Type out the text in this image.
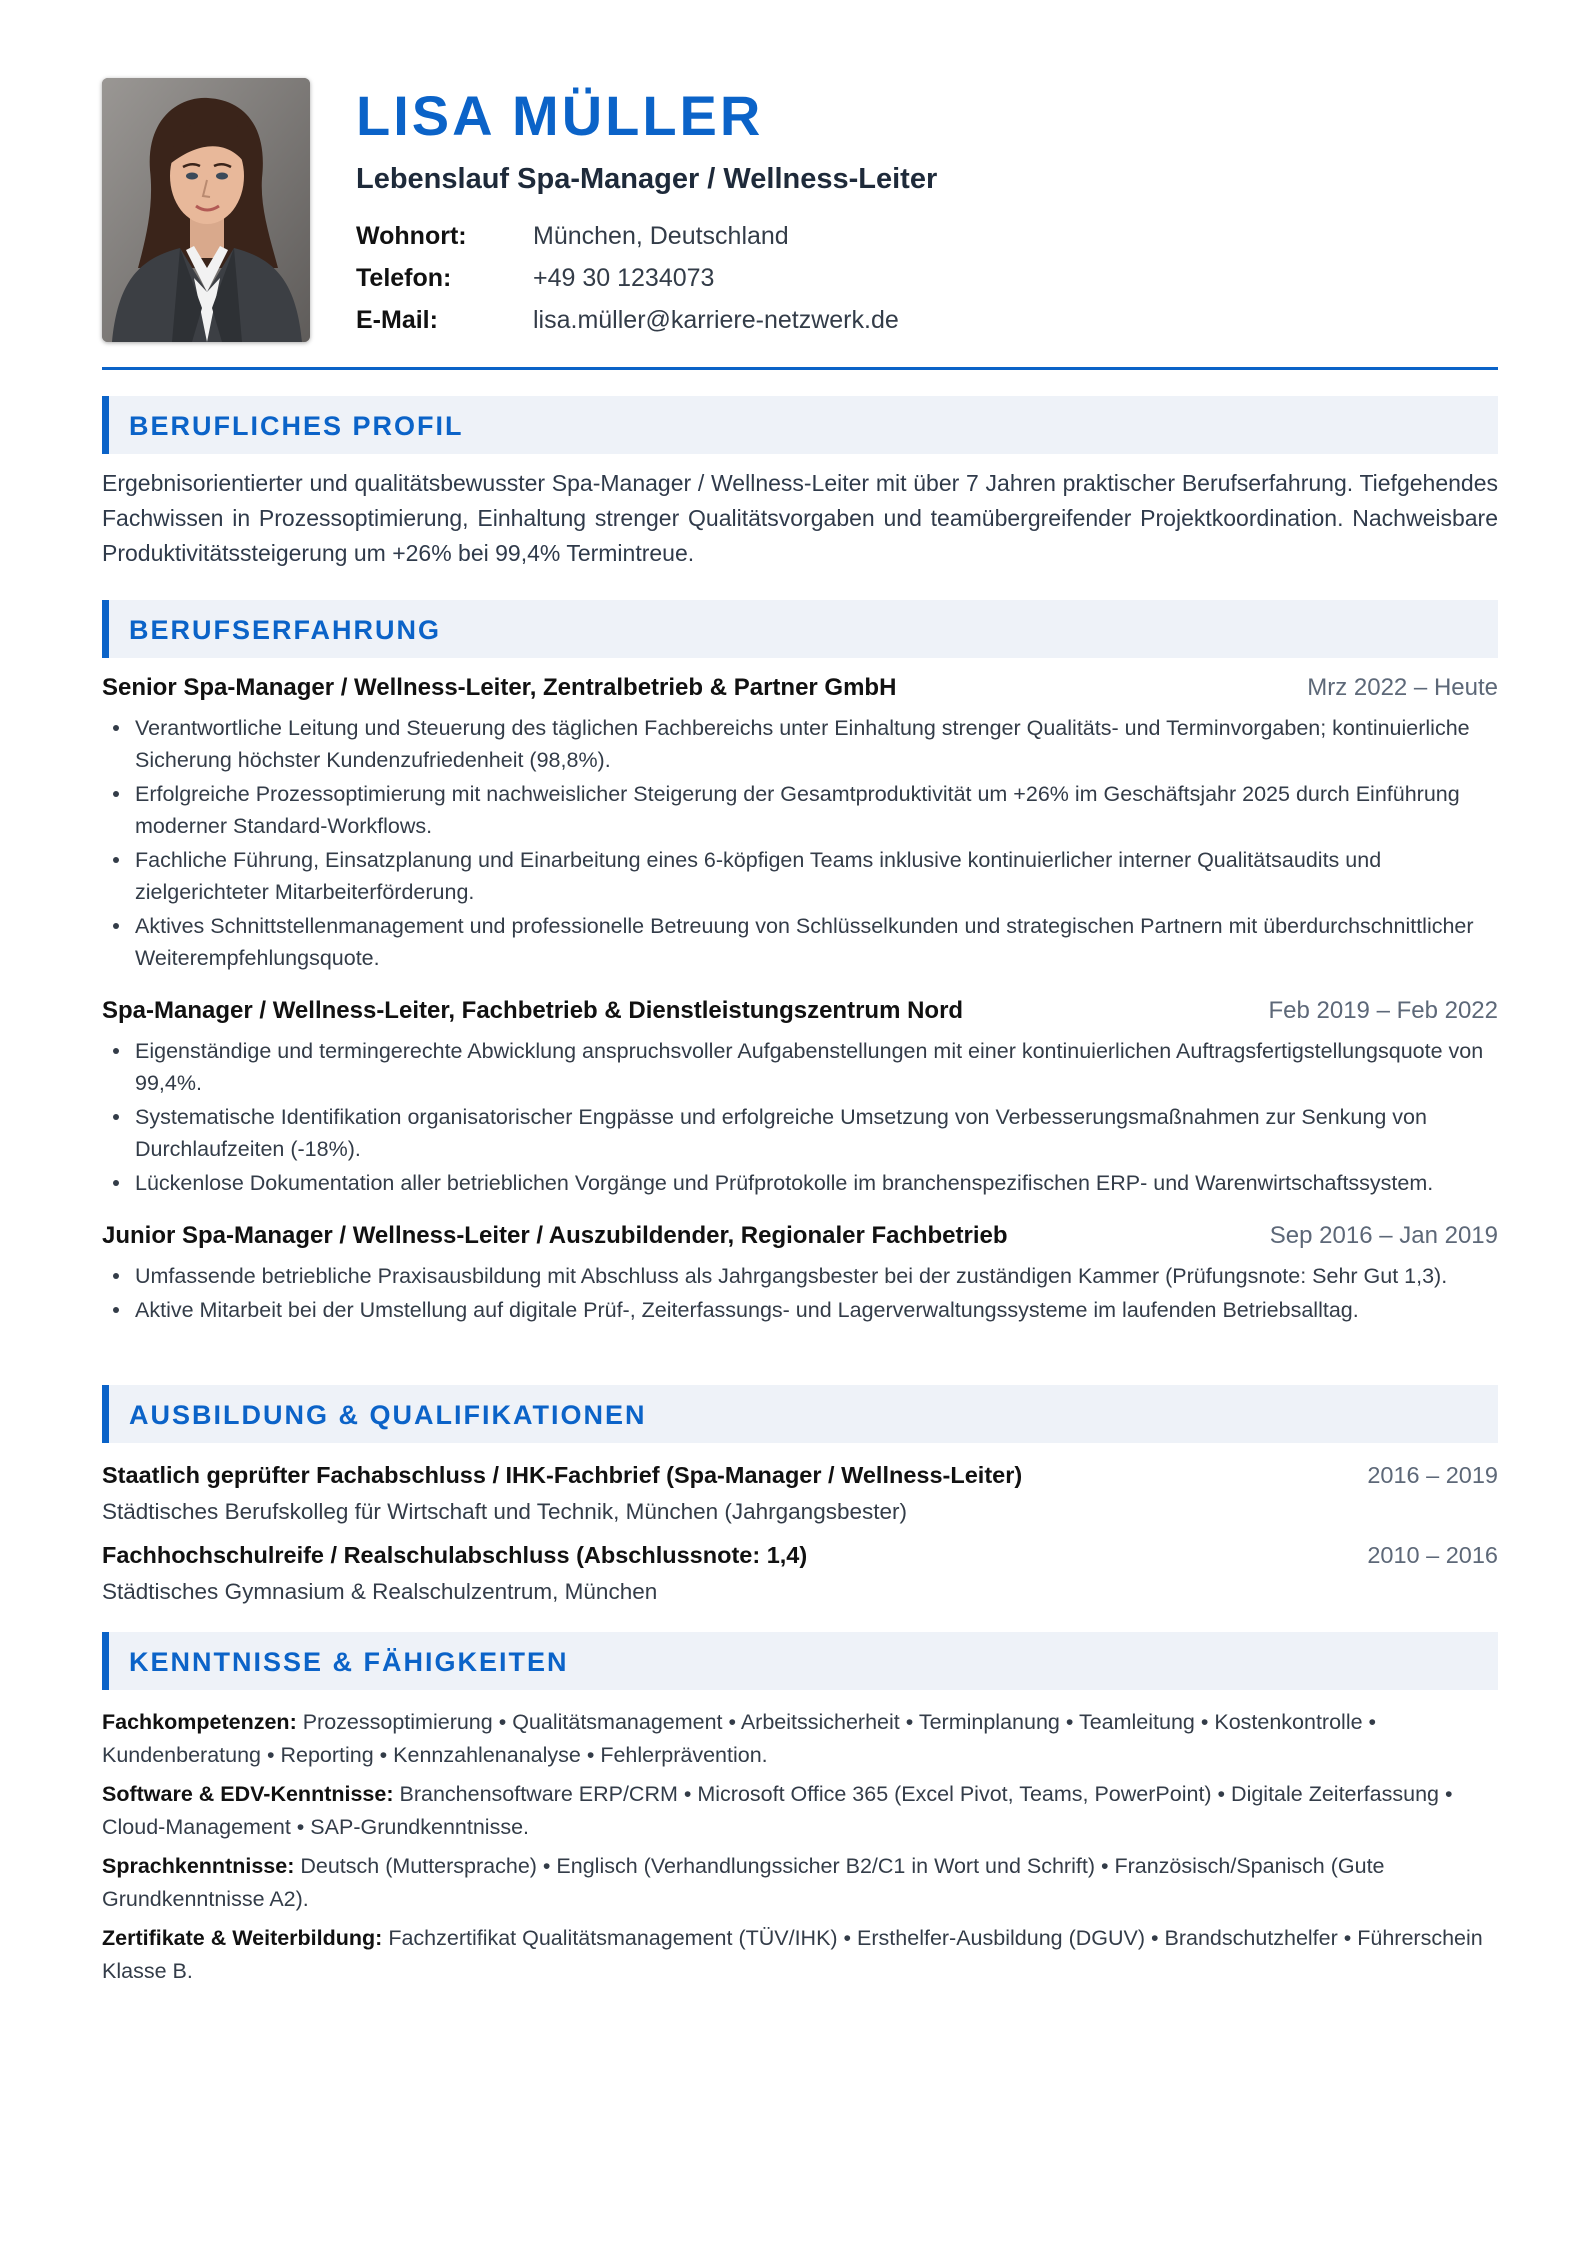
LISA MÜLLER
Lebenslauf Spa-Manager / Wellness-Leiter
Wohnort:	München, Deutschland
Telefon:	+49 30 1234073
E-Mail:	lisa.müller@karriere-netzwerk.de
BERUFLICHES PROFIL
Ergebnisorientierter und qualitätsbewusster Spa-Manager / Wellness-Leiter mit über 7 Jahren praktischer Berufserfahrung. Tiefgehendes Fachwissen in Prozessoptimierung, Einhaltung strenger Qualitätsvorgaben und teamübergreifender Projektkoordination. Nachweisbare Produktivitätssteigerung um +26% bei 99,4% Termintreue.
BERUFSERFAHRUNG
Senior Spa-Manager / Wellness-Leiter, Zentralbetrieb & Partner GmbH	Mrz 2022 – Heute
Verantwortliche Leitung und Steuerung des täglichen Fachbereichs unter Einhaltung strenger Qualitäts- und Terminvorgaben; kontinuierliche Sicherung höchster Kundenzufriedenheit (98,8%).
Erfolgreiche Prozessoptimierung mit nachweislicher Steigerung der Gesamtproduktivität um +26% im Geschäftsjahr 2025 durch Einführung moderner Standard-Workflows.
Fachliche Führung, Einsatzplanung und Einarbeitung eines 6-köpfigen Teams inklusive kontinuierlicher interner Qualitätsaudits und zielgerichteter Mitarbeiterförderung.
Aktives Schnittstellenmanagement und professionelle Betreuung von Schlüsselkunden und strategischen Partnern mit überdurchschnittlicher Weiterempfehlungsquote.
Spa-Manager / Wellness-Leiter, Fachbetrieb & Dienstleistungszentrum Nord	Feb 2019 – Feb 2022
Eigenständige und termingerechte Abwicklung anspruchsvoller Aufgabenstellungen mit einer kontinuierlichen Auftragsfertigstellungsquote von 99,4%.
Systematische Identifikation organisatorischer Engpässe und erfolgreiche Umsetzung von Verbesserungsmaßnahmen zur Senkung von Durchlaufzeiten (-18%).
Lückenlose Dokumentation aller betrieblichen Vorgänge und Prüfprotokolle im branchenspezifischen ERP- und Warenwirtschaftssystem.
Junior Spa-Manager / Wellness-Leiter / Auszubildender, Regionaler Fachbetrieb	Sep 2016 – Jan 2019
Umfassende betriebliche Praxisausbildung mit Abschluss als Jahrgangsbester bei der zuständigen Kammer (Prüfungsnote: Sehr Gut 1,3).
Aktive Mitarbeit bei der Umstellung auf digitale Prüf-, Zeiterfassungs- und Lagerverwaltungssysteme im laufenden Betriebsalltag.
AUSBILDUNG & QUALIFIKATIONEN
Staatlich geprüfter Fachabschluss / IHK-Fachbrief (Spa-Manager / Wellness-Leiter)	2016 – 2019
Städtisches Berufskolleg für Wirtschaft und Technik, München (Jahrgangsbester)
Fachhochschulreife / Realschulabschluss (Abschlussnote: 1,4)	2010 – 2016
Städtisches Gymnasium & Realschulzentrum, München
KENNTNISSE & FÄHIGKEITEN
Fachkompetenzen: Prozessoptimierung • Qualitätsmanagement • Arbeitssicherheit • Terminplanung • Teamleitung • Kostenkontrolle • Kundenberatung • Reporting • Kennzahlenanalyse • Fehlerprävention.
Software & EDV-Kenntnisse: Branchensoftware ERP/CRM • Microsoft Office 365 (Excel Pivot, Teams, PowerPoint) • Digitale Zeiterfassung • Cloud-Management • SAP-Grundkenntnisse.
Sprachkenntnisse: Deutsch (Muttersprache) • Englisch (Verhandlungssicher B2/C1 in Wort und Schrift) • Französisch/Spanisch (Gute Grundkenntnisse A2).
Zertifikate & Weiterbildung: Fachzertifikat Qualitätsmanagement (TÜV/IHK) • Ersthelfer-Ausbildung (DGUV) • Brandschutzhelfer • Führerschein Klasse B.
